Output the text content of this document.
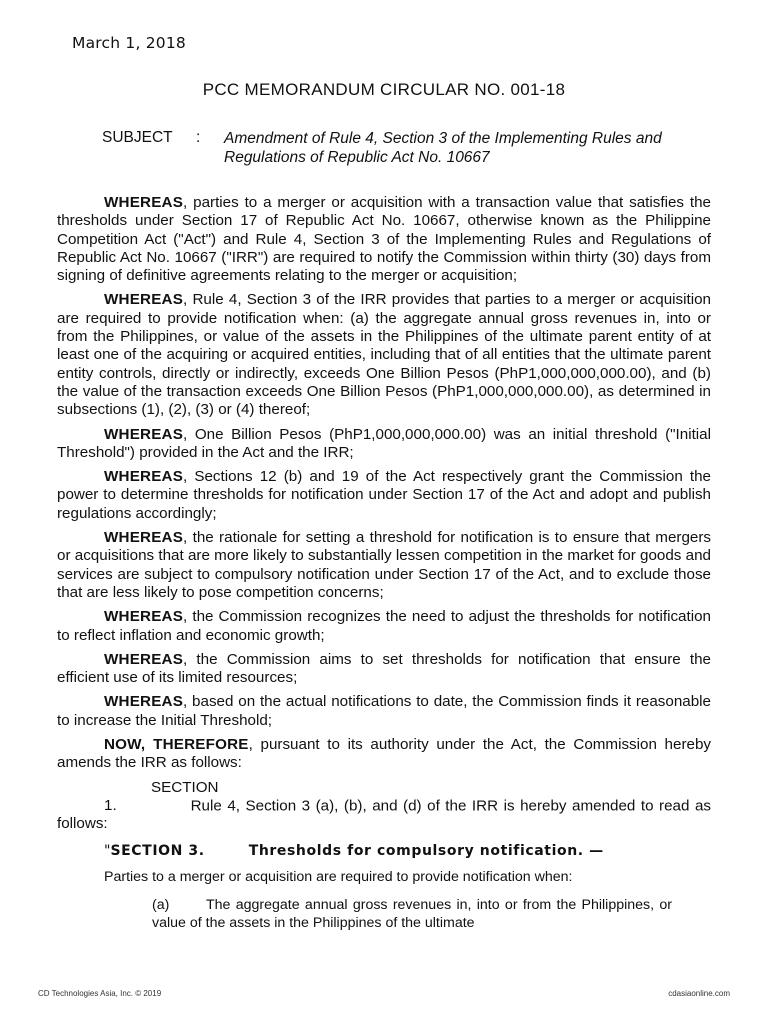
March 1, 2018
PCC MEMORANDUM CIRCULAR NO. 001-18
SUBJECT : Amendment of Rule 4, Section 3 of the Implementing Rules and Regulations of Republic Act No. 10667

WHEREAS, parties to a merger or acquisition with a transaction value that satisfies the thresholds under Section 17 of Republic Act No. 10667, otherwise known as the Philippine Competition Act ("Act") and Rule 4, Section 3 of the Implementing Rules and Regulations of Republic Act No. 10667 ("IRR") are required to notify the Commission within thirty (30) days from signing of definitive agreements relating to the merger or acquisition;

WHEREAS, Rule 4, Section 3 of the IRR provides that parties to a merger or acquisition are required to provide notification when: (a) the aggregate annual gross revenues in, into or from the Philippines, or value of the assets in the Philippines of the ultimate parent entity of at least one of the acquiring or acquired entities, including that of all entities that the ultimate parent entity controls, directly or indirectly, exceeds One Billion Pesos (PhP1,000,000,000.00), and (b) the value of the transaction exceeds One Billion Pesos (PhP1,000,000,000.00), as determined in subsections (1), (2), (3) or (4) thereof;

WHEREAS, One Billion Pesos (PhP1,000,000,000.00) was an initial threshold ("Initial Threshold") provided in the Act and the IRR;

WHEREAS, Sections 12 (b) and 19 of the Act respectively grant the Commission the power to determine thresholds for notification under Section 17 of the Act and adopt and publish regulations accordingly;

WHEREAS, the rationale for setting a threshold for notification is to ensure that mergers or acquisitions that are more likely to substantially lessen competition in the market for goods and services are subject to compulsory notification under Section 17 of the Act, and to exclude those that are less likely to pose competition concerns;

WHEREAS, the Commission recognizes the need to adjust the thresholds for notification to reflect inflation and economic growth;

WHEREAS, the Commission aims to set thresholds for notification that ensure the efficient use of its limited resources;

WHEREAS, based on the actual notifications to date, the Commission finds it reasonable to increase the Initial Threshold;

NOW, THEREFORE, pursuant to its authority under the Act, the Commission hereby amends the IRR as follows:

SECTION 1.	Rule 4, Section 3 (a), (b), and (d) of the IRR is hereby amended to read as follows:

"SECTION 3.	Thresholds for compulsory notification. —
Parties to a merger or acquisition are required to provide notification when:
(a)	The aggregate annual gross revenues in, into or from the Philippines, or value of the assets in the Philippines of the ultimate
CD Technologies Asia, Inc. © 2019	cdasiaonline.com
